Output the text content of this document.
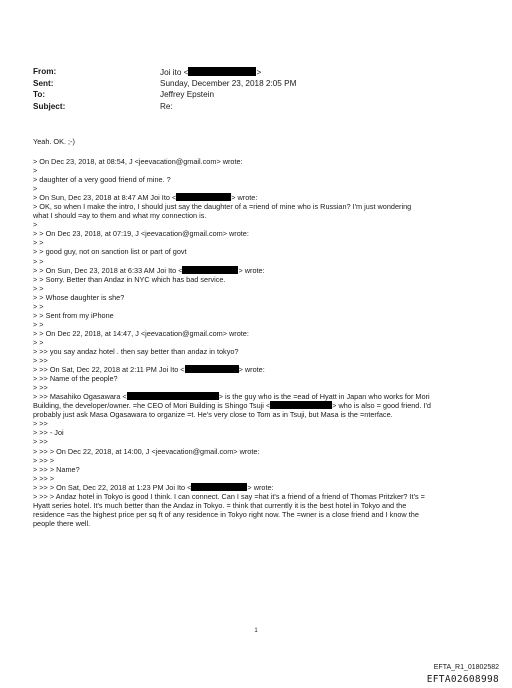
From:	Joi ito <	>
Sent:	Sunday, December 23, 2018 2:05 PM
To:	Jeffrey Epstein
Subject:	Re:
Yeah. OK. ;-)
> On Dec 23, 2018, at 08:54, J <jeevacation@gmail.com> wrote:
>
> daughter of a very good friend of mine. ?
>
> On Sun, Dec 23, 2018 at 8:47 AM Joi Ito <	> wrote:
> OK, so when I make the intro, I should just say the daughter of a =riend of mine who is Russian? I'm just wondering
what I should =ay to them and what my connection is.
>
> > On Dec 23, 2018, at 07:19, J <jeevacation@gmail.com> wrote:
> >
> > good guy, not on sanction list or part of govt
> >
> > On Sun, Dec 23, 2018 at 6:33 AM Joi Ito <	> wrote:
> > Sorry. Better than Andaz in NYC which has bad service.
> >
> > Whose daughter is she?
> >
> > Sent from my iPhone
> >
> > On Dec 22, 2018, at 14:47, J <jeevacation@gmail.com> wrote:
> >
> >> you say andaz hotel . then say better than andaz in tokyo?
> >>
> >> On Sat, Dec 22, 2018 at 2:11 PM Joi Ito <	> wrote:
> >> Name of the people?
> >>
> >> Masahiko Ogasawara <	> is the guy who is the =ead of Hyatt in Japan who works for Mori
Building, the developer/owner. =he CEO of Mori Building is Shingo Tsuji <	> who is also = good friend. I'd
probably just ask Masa Ogasawara to organize =t. He's very close to Tom as in Tsuji, but Masa is the =nterface.
> >>
> >> - Joi
> >>
> >> > On Dec 22, 2018, at 14:00, J <jeevacation@gmail.com> wrote:
> >> >
> >> > Name?
> >> >
> >> > On Sat, Dec 22, 2018 at 1:23 PM Joi Ito <	> wrote:
> >> > Andaz hotel in Tokyo is good I think. I can connect. Can I say =hat it's a friend of a friend of Thomas Pritzker? It's =
Hyatt series hotel. It's much better than the Andaz in Tokyo. = think that currently it is the best hotel in Tokyo and the
residence =as the highest price per sq ft of any residence in Tokyo right now. The =wner is a close friend and I know the
people there well.
1
EFTA_R1_01802582
EFTA02608998
